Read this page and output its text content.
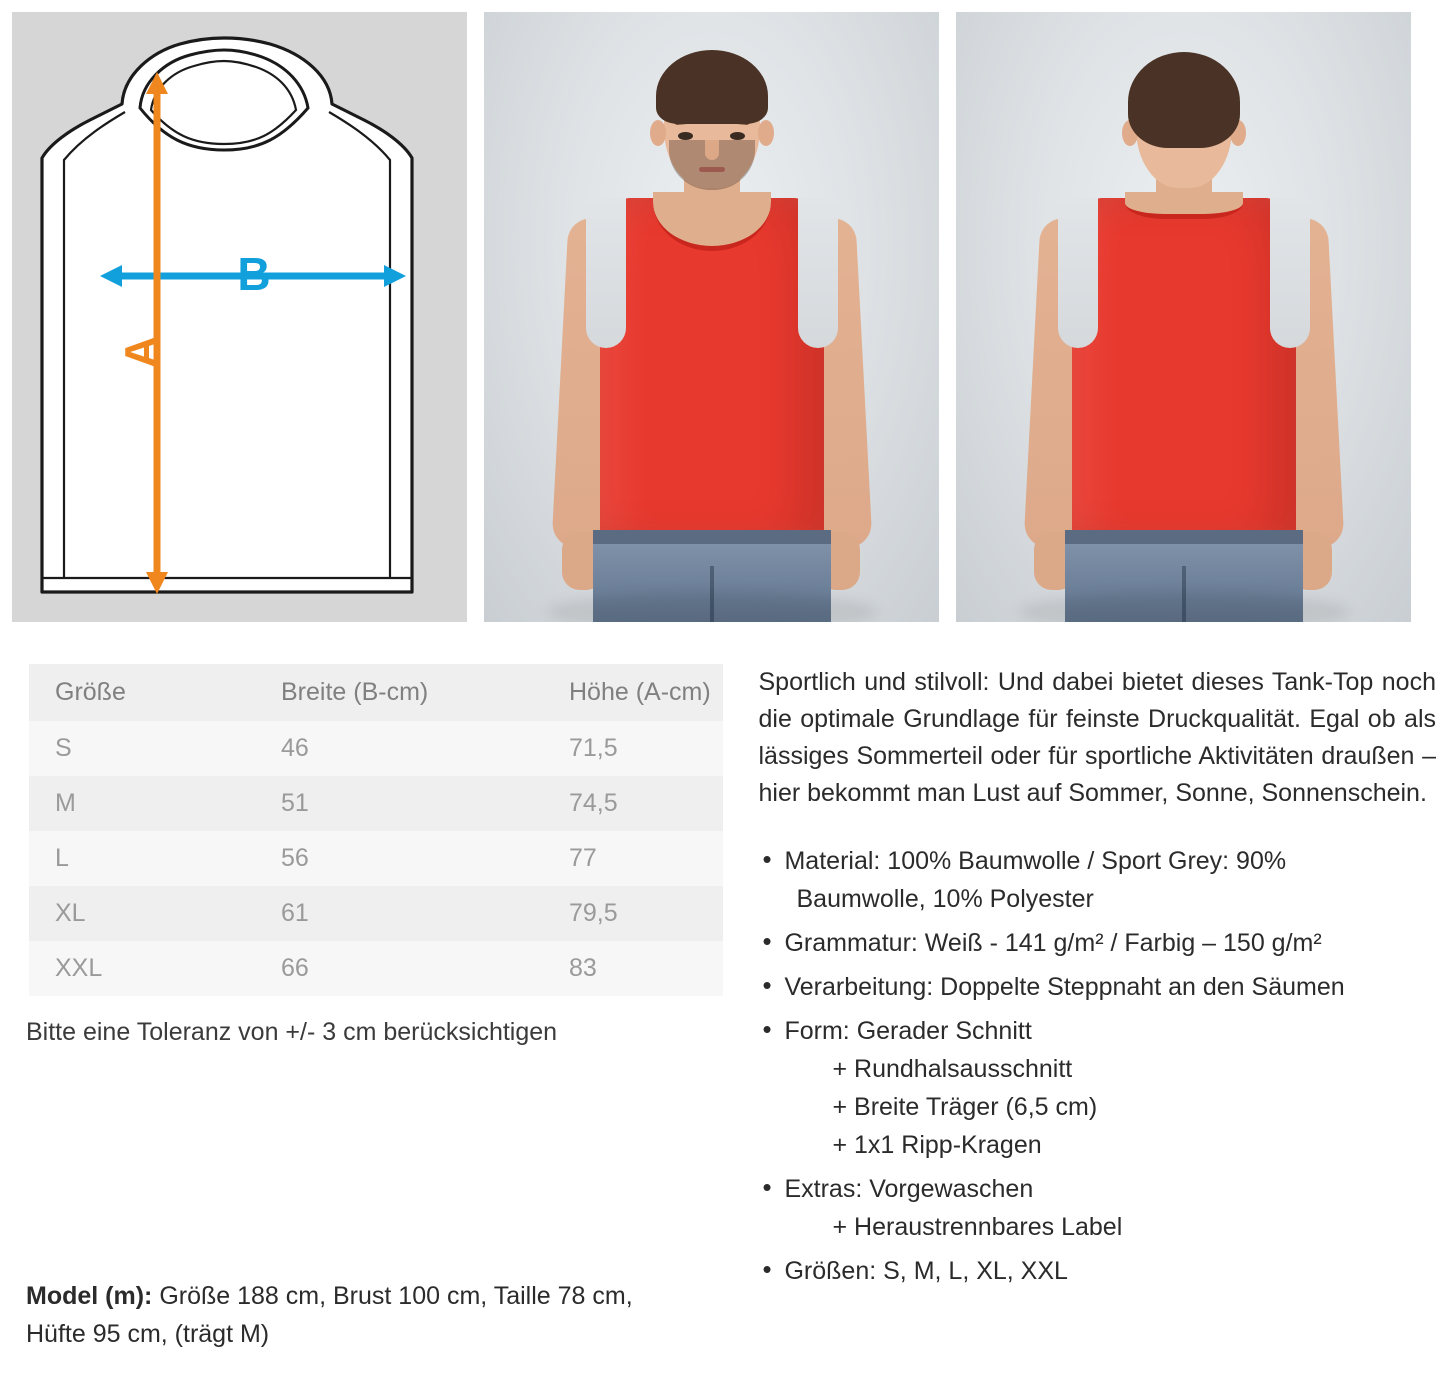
B
A
Größe	Breite (B-cm)	Höhe (A-cm)
S	46	71,5
M	51	74,5
L	56	77
XL	61	79,5
XXL	66	83
Bitte eine Toleranz von +/- 3 cm berücksichtigen

Sportlich und stilvoll: Und dabei bietet dieses Tank-Top noch die optimale Grundlage für feinste Druckqualität. Egal ob als lässiges Sommerteil oder für sportliche Aktivitäten draußen – hier bekommt man Lust auf Sommer, Sonne, Sonnenschein.

• Material: 100% Baumwolle / Sport Grey: 90%
Baumwolle, 10% Polyester
• Grammatur: Weiß - 141 g/m² / Farbig – 150 g/m²
• Verarbeitung: Doppelte Steppnaht an den Säumen
• Form: Gerader Schnitt
+ Rundhalsausschnitt
+ Breite Träger (6,5 cm)
+ 1x1 Ripp-Kragen
• Extras: Vorgewaschen
+ Heraustrennbares Label
• Größen: S, M, L, XL, XXL
Model (m): Größe 188 cm, Brust 100 cm, Taille 78 cm,
Hüfte 95 cm, (trägt M)
